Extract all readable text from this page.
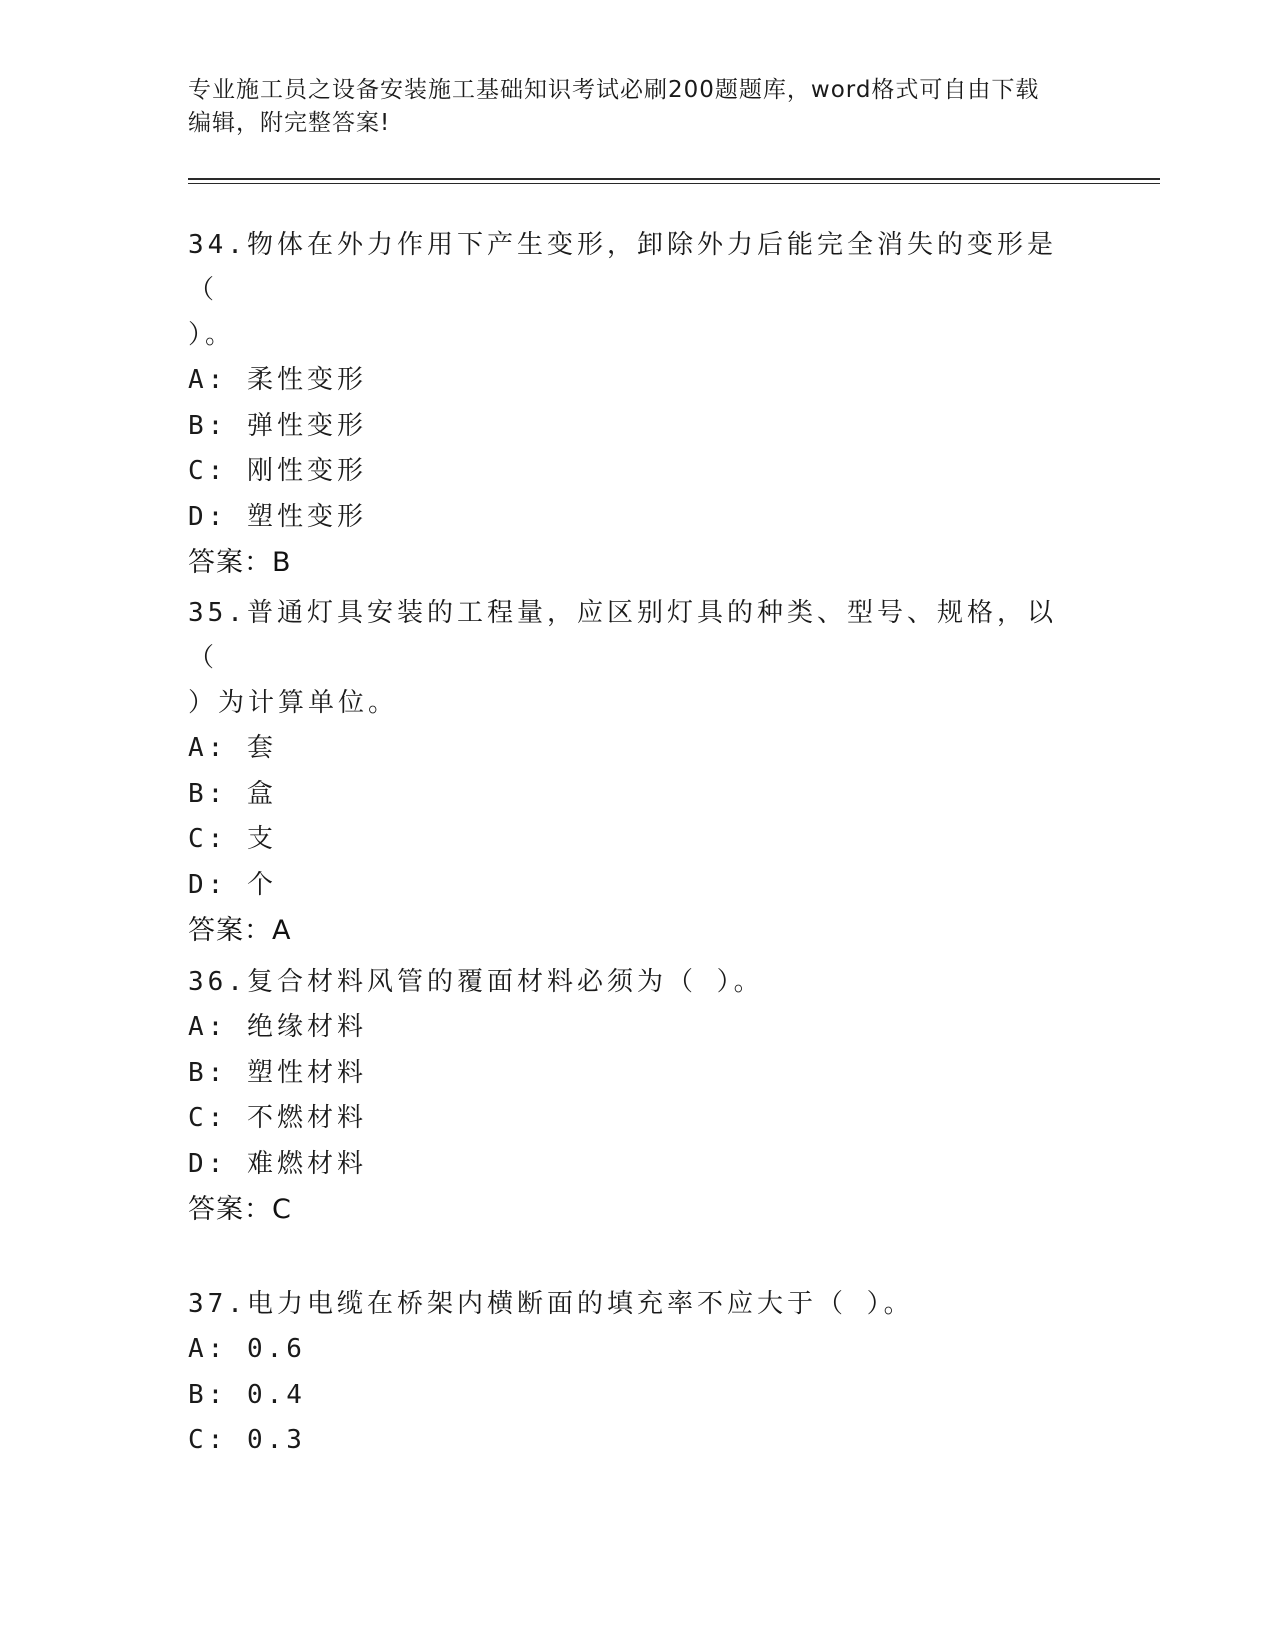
专业施工员之设备安装施工基础知识考试必刷200题题库，word格式可自由下载
编辑，附完整答案!
34.物体在外力作用下产生变形，卸除外力后能完全消失的变形是（
）。
A: 柔性变形
B: 弹性变形
C: 刚性变形
D: 塑性变形
答案：B
35.普通灯具安装的工程量，应区别灯具的种类、型号、规格，以（
）为计算单位。
A: 套
B: 盒
C: 支
D: 个
答案：A
36.复合材料风管的覆面材料必须为（ ）。
A: 绝缘材料
B: 塑性材料
C: 不燃材料
D: 难燃材料
答案：C
37.电力电缆在桥架内横断面的填充率不应大于（ ）。
A: 0.6
B: 0.4
C: 0.3
